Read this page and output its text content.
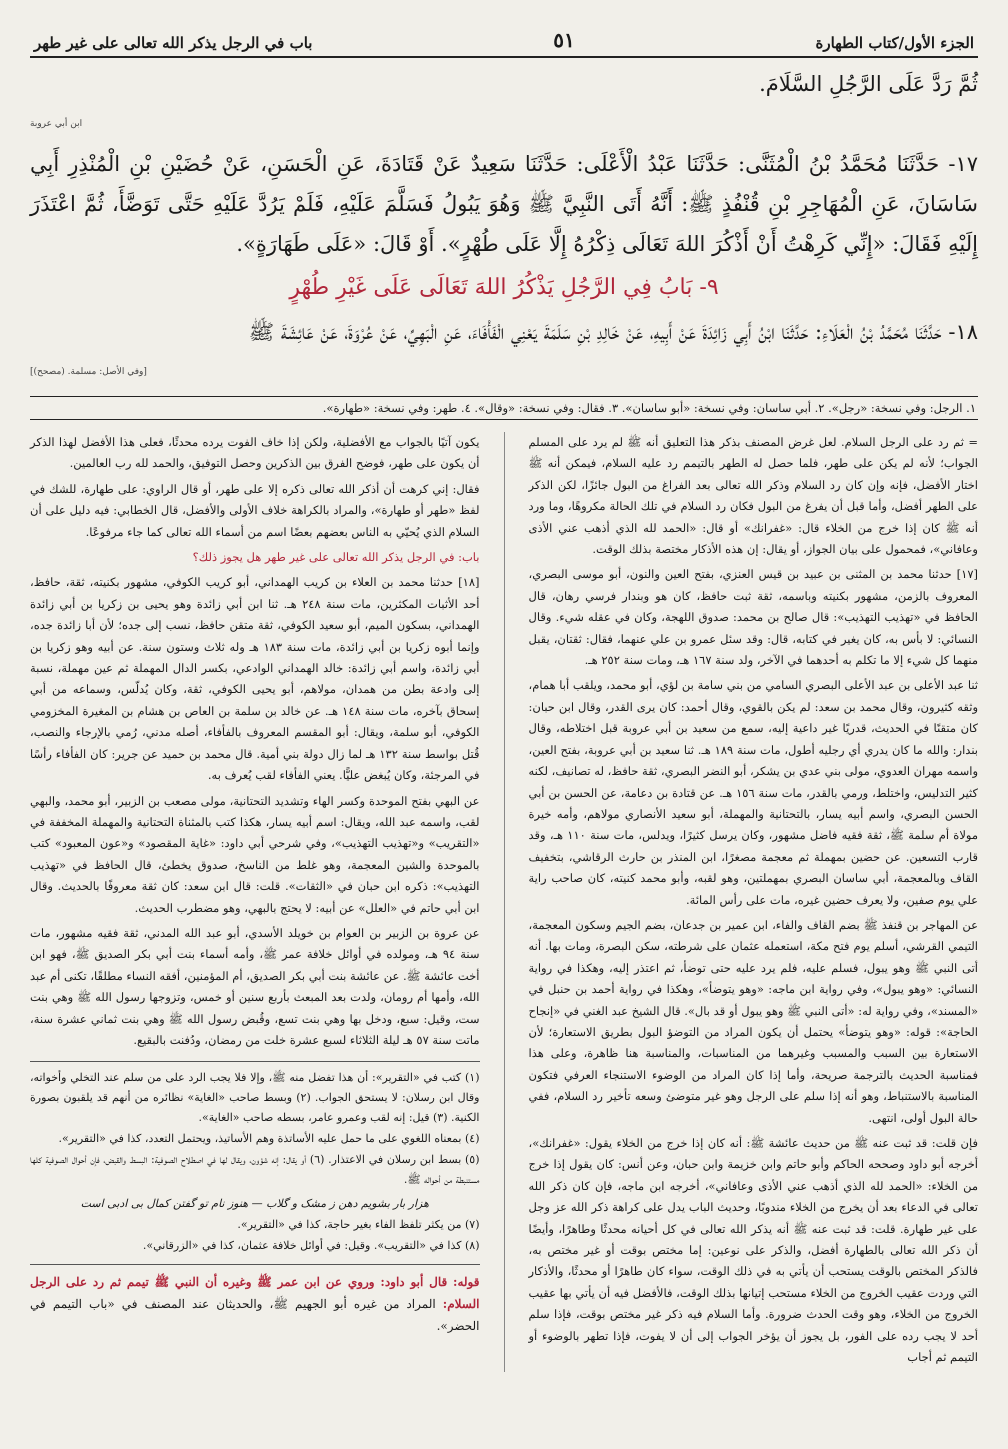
الجزء الأول/كتاب الطهارة
٥١
باب في الرجل يذكر الله تعالى على غير طهر

ثُمَّ رَدَّ عَلَى الرَّجُلِ السَّلَامَ.

ابن أبي عروبة

١٧- حَدَّثَنَا مُحَمَّدُ بْنُ الْمُثَنَّى: حَدَّثَنَا عَبْدُ الْأَعْلَى: حَدَّثَنَا سَعِيدٌ عَنْ قَتَادَةَ، عَنِ الْحَسَنِ، عَنْ حُضَيْنِ بْنِ الْمُنْذِرِ أَبِي سَاسَانَ، عَنِ الْمُهَاجِرِ بْنِ قُنْفُذٍ ﷺ: أَنَّهُ أَتَى النَّبِيَّ ﷺ وَهُوَ يَبُولُ فَسَلَّمَ عَلَيْهِ، فَلَمْ يَرُدَّ عَلَيْهِ حَتَّى تَوَضَّأَ، ثُمَّ اعْتَذَرَ إِلَيْهِ فَقَالَ: «إِنِّي كَرِهْتُ أَنْ أَذْكُرَ اللهَ تَعَالَى ذِكْرُهُ إِلَّا عَلَى طُهْرٍ». أَوْ قَالَ: «عَلَى طَهَارَةٍ».

٩- بَابُ فِي الرَّجُلِ يَذْكُرُ اللهَ تَعَالَى عَلَى غَيْرِ طُهْرٍ

١٨- حَدَّثَنَا مُحَمَّدُ بْنُ الْعَلَاءِ: حَدَّثَنَا ابْنُ أَبِي زَائِدَةَ عَنْ أَبِيهِ، عَنْ خَالِدِ بْنِ سَلَمَةَ يَعْنِي الْفَأْفَاءَ، عَنِ الْبَهِيِّ، عَنْ عُرْوَةَ، عَنْ عَائِشَةَ ﷺ

[وفي الأصل: مسلمة. (مصحح)]
١. الرجل: وفي نسخة: «رجل». ٢. أبي ساسان: وفي نسخة: «أبو ساسان». ٣. فقال: وفي نسخة: «وقال». ٤. طهر: وفي نسخة: «طهارة».

= ثم رد على الرجل السلام. لعل غرض المصنف بذكر هذا التعليق أنه ﷺ لم يرد على المسلم الجواب؛ لأنه لم يكن على طهر، فلما حصل له الطهر بالتيمم رد عليه السلام، فيمكن أنه ﷺ اختار الأفضل، فإنه وإن كان رد السلام وذكر الله تعالى بعد الفراغ من البول جائزًا، لكن الذكر على الطهر أفضل، وأما قبل أن يفرغ من البول فكان رد السلام في تلك الحالة مكروهًا، وما ورد أنه ﷺ كان إذا خرج من الخلاء قال: «غفرانك» أو قال: «الحمد لله الذي أذهب عني الأذى وعافاني»، فمحمول على بيان الجواز، أو يقال: إن هذه الأذكار مختصة بذلك الوقت.

[١٧] حدثنا محمد بن المثنى بن عبيد بن قيس العنزي، بفتح العين والنون، أبو موسى البصري، المعروف بالزمن، مشهور بكنيته وباسمه، ثقة ثبت حافظ، كان هو وبندار فرسي رهان، قال الحافظ في «تهذيب التهذيب»: قال صالح بن محمد: صدوق اللهجة، وكان في عقله شيء. وقال النسائي: لا بأس به، كان يغير في كتابه، قال: وقد سئل عمرو بن علي عنهما، فقال: ثقتان، يقبل منهما كل شيء إلا ما تكلم به أحدهما في الآخر، ولد سنة ١٦٧ هـ، ومات سنة ٢٥٢ هـ.

ثنا عبد الأعلى بن عبد الأعلى البصري السامي من بني سامة بن لؤي، أبو محمد، ويلقب أبا همام، وثقه كثيرون، وقال محمد بن سعد: لم يكن بالقوي، وقال أحمد: كان يرى القدر، وقال ابن حبان: كان متقنًا في الحديث، قدريًا غير داعية إليه، سمع من سعيد بن أبي عروبة قبل اختلاطه، وقال بندار: والله ما كان يدري أي رجليه أطول، مات سنة ١٨٩ هـ. ثنا سعيد بن أبي عروبة، بفتح العين، واسمه مهران العدوي، مولى بني عدي بن يشكر، أبو النضر البصري، ثقة حافظ، له تصانيف، لكنه كثير التدليس، واختلط، ورمي بالقدر، مات سنة ١٥٦ هـ. عن قتادة بن دعامة، عن الحسن بن أبي الحسن البصري، واسم أبيه يسار، بالتحتانية والمهملة، أبو سعيد الأنصاري مولاهم، وأمه خيرة مولاة أم سلمة ﷺ، ثقة فقيه فاضل مشهور، وكان يرسل كثيرًا، ويدلس، مات سنة ١١٠ هـ، وقد قارب التسعين. عن حضين بمهملة ثم معجمة مصغرًا، ابن المنذر بن حارث الرقاشي، بتخفيف القاف وبالمعجمة، أبي ساسان البصري بمهملتين، وهو لقبه، وأبو محمد كنيته، كان صاحب راية علي يوم صفين، ولا يعرف حضين غيره، مات على رأس المائة.

عن المهاجر بن قنفذ ﷺ بضم القاف والفاء، ابن عمير بن جدعان، بضم الجيم وسكون المعجمة، التيمي القرشي، أسلم يوم فتح مكة، استعمله عثمان على شرطته، سكن البصرة، ومات بها. أنه أتى النبي ﷺ وهو يبول، فسلم عليه، فلم يرد عليه حتى توضأ، ثم اعتذر إليه، وهكذا في رواية النسائي: «وهو يبول»، وفي رواية ابن ماجه: «وهو يتوضأ»، وهكذا في رواية أحمد بن حنبل في «المسند»، وفي رواية له: «أتى النبي ﷺ وهو يبول أو قد بال». قال الشيخ عبد الغني في «إنجاح الحاجة»: قوله: «وهو يتوضأ» يحتمل أن يكون المراد من التوضؤ البول بطريق الاستعارة؛ لأن الاستعارة بين السبب والمسبب وغيرهما من المناسبات، والمناسبة هنا ظاهرة، وعلى هذا فمناسبة الحديث بالترجمة صريحة، وأما إذا كان المراد من الوضوء الاستنجاء العرفي فتكون المناسبة بالاستنباط، وهو أنه إذا سلم على الرجل وهو غير متوضئ وسعه تأخير رد السلام، ففي حالة البول أولى، انتهى.

فإن قلت: قد ثبت عنه ﷺ من حديث عائشة ﷺ: أنه كان إذا خرج من الخلاء يقول: «غفرانك»، أخرجه أبو داود وصححه الحاكم وأبو حاتم وابن خزيمة وابن حبان، وعن أنس: كان يقول إذا خرج من الخلاء: «الحمد لله الذي أذهب عني الأذى وعافاني»، أخرجه ابن ماجه، فإن كان ذكر الله تعالى في الدعاء بعد أن يخرج من الخلاء مندوبًا، وحديث الباب يدل على كراهة ذكر الله عز وجل على غير طهارة. قلت: قد ثبت عنه ﷺ أنه يذكر الله تعالى في كل أحيانه محدثًا وطاهرًا، وأيضًا أن ذكر الله تعالى بالطهارة أفضل، والذكر على نوعين: إما مختص بوقت أو غير مختص به، فالذكر المختص بالوقت يستحب أن يأتي به في ذلك الوقت، سواء كان طاهرًا أو محدثًا، والأذكار التي وردت عقيب الخروج من الخلاء مستحب إتيانها بذلك الوقت، فالأفضل فيه أن يأتي بها عقيب الخروج من الخلاء، وهو وقت الحدث ضرورة. وأما السلام فيه ذكر غير مختص بوقت، فإذا سلم أحد لا يجب رده على الفور، بل يجوز أن يؤخر الجواب إلى أن لا يفوت، فإذا تطهر بالوضوء أو التيمم ثم أجاب

يكون آتيًا بالجواب مع الأفضلية، ولكن إذا خاف الفوت يرده محدثًا، فعلى هذا الأفضل لهذا الذكر أن يكون على طهر، فوضح الفرق بين الذكرين وحصل التوفيق، والحمد لله رب العالمين.

فقال: إني كرهت أن أذكر الله تعالى ذكره إلا على طهر، أو قال الراوي: على طهارة، للشك في لفظ «طهر أو طهارة»، والمراد بالكراهة خلاف الأولى والأفضل، قال الخطابي: فيه دليل على أن السلام الذي يُحيّي به الناس بعضهم بعضًا اسم من أسماء الله تعالى كما جاء مرفوعًا.

باب: في الرجل يذكر الله تعالى على غير طهر هل يجوز ذلك؟

[١٨] حدثنا محمد بن العلاء بن كريب الهمداني، أبو كريب الكوفي، مشهور بكنيته، ثقة، حافظ، أحد الأثبات المكثرين، مات سنة ٢٤٨ هـ. ثنا ابن أبي زائدة وهو يحيى بن زكريا بن أبي زائدة الهمداني، بسكون الميم، أبو سعيد الكوفي، ثقة متقن حافظ، نسب إلى جده؛ لأن أبا زائدة جده، وإنما أبوه زكريا بن أبي زائدة، مات سنة ١٨٣ هـ وله ثلاث وستون سنة. عن أبيه وهو زكريا بن أبي زائدة، واسم أبي زائدة: خالد الهمداني الوادعي، بكسر الدال المهملة ثم عين مهملة، نسبة إلى وادعة بطن من همدان، مولاهم، أبو يحيى الكوفي، ثقة، وكان يُدلّس، وسماعه من أبي إسحاق بآخره، مات سنة ١٤٨ هـ. عن خالد بن سلمة بن العاص بن هشام بن المغيرة المخزومي الكوفي، أبو سلمة، ويقال: أبو المقسم المعروف بالفأفاء، أصله مدني، رُمي بالإرجاء والنصب، قُتل بواسط سنة ١٣٢ هـ لما زال دولة بني أمية. قال محمد بن حميد عن جرير: كان الفأفاء رأسًا في المرجئة، وكان يُبغض عليًّا. يعني الفأفاء لقب يُعرف به.

عن البهي بفتح الموحدة وكسر الهاء وتشديد التحتانية، مولى مصعب بن الزبير، أبو محمد، والبهي لقب، واسمه عبد الله، ويقال: اسم أبيه يسار، هكذا كتب بالمثناة التحتانية والمهملة المخففة في «التقريب» و«تهذيب التهذيب»، وفي شرحي أبي داود: «غاية المقصود» و«عون المعبود» كتب بالموحدة والشين المعجمة، وهو غلط من الناسخ، صدوق يخطئ، قال الحافظ في «تهذيب التهذيب»: ذكره ابن حبان في «الثقات». قلت: قال ابن سعد: كان ثقة معروفًا بالحديث. وقال ابن أبي حاتم في «العلل» عن أبيه: لا يحتج بالبهي، وهو مضطرب الحديث.

عن عروة بن الزبير بن العوام بن خويلد الأسدي، أبو عبد الله المدني، ثقة فقيه مشهور، مات سنة ٩٤ هـ، ومولده في أوائل خلافة عمر ﷺ، وأمه أسماء بنت أبي بكر الصديق ﷺ، فهو ابن أخت عائشة ﷺ. عن عائشة بنت أبي بكر الصديق، أم المؤمنين، أفقه النساء مطلقًا، تكنى أم عبد الله، وأمها أم رومان، ولدت بعد المبعث بأربع سنين أو خمس، وتزوجها رسول الله ﷺ وهي بنت ست، وقيل: سبع، ودخل بها وهي بنت تسع، وقُبض رسول الله ﷺ وهي بنت ثماني عشرة سنة، ماتت سنة ٥٧ هـ ليلة الثلاثاء لسبع عشرة خلت من رمضان، ودُفنت بالبقيع.

(١) كتب في «التقرير»: أن هذا تفضل منه ﷺ، وإلا فلا يجب الرد على من سلم عند التخلي وأخواته، وقال ابن رسلان: لا يستحق الجواب. (٢) وبسط صاحب «الغاية» نظائره من أنهم قد يلقبون بصورة الكنية. (٣) قيل: إنه لقب وعمرو عامر، بسطه صاحب «الغاية».
(٤) بمعناه اللغوي على ما حمل عليه الأساتذة وهم الأساتيذ، ويحتمل التعدد، كذا في «التقرير».
(٥) بسط ابن رسلان في الاعتذار. (٦) أو يقال: إنه شؤون، ويقال لها في اصطلاح الصوفية: البسط والقبض، فإن أحوال الصوفية كلها مستنبطة من أحواله ﷺ.
هزار بار بشويم دهن ز مشک و گلاب — هنوز نام تو گفتن کمال بی ادبی است
(٧) من يكثر تلفظ الفاء بغير حاجة، كذا في «التقرير».
(٨) كذا في «التقريب». وقيل: في أوائل خلافة عثمان، كذا في «الزرقاني».
قوله: قال أبو داود: وروي عن ابن عمر ﷺ وغيره أن النبي ﷺ تيمم ثم رد على الرجل السلام: المراد من غيره أبو الجهيم ﷺ، والحديثان عند المصنف في «باب التيمم في الحضر».
